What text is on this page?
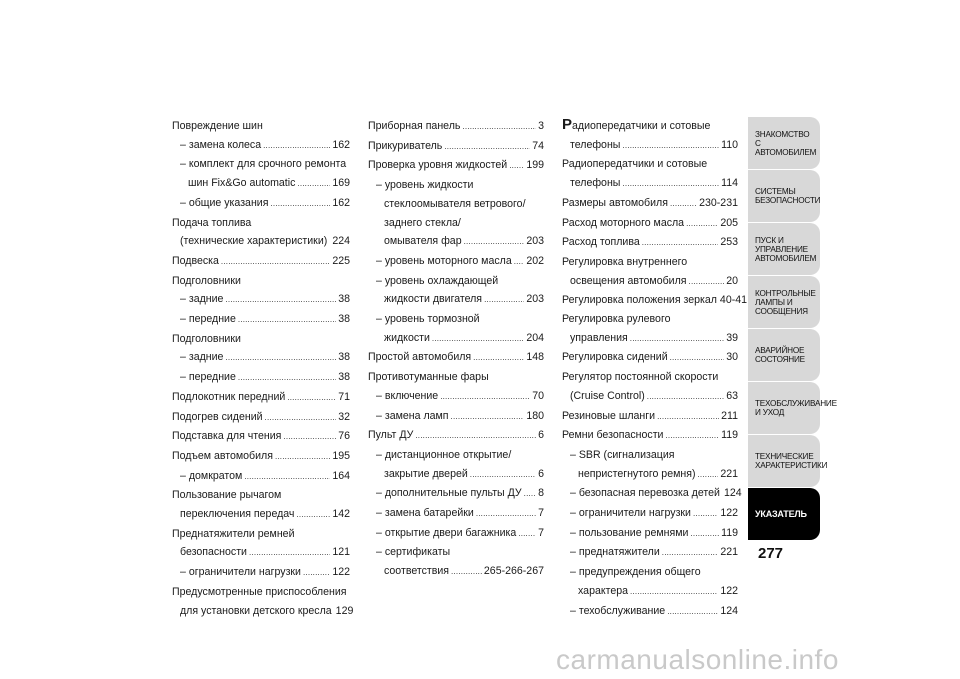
Повреждение шин
– замена колеса .....	162
– комплект для срочного ремонта
шин Fix&Go automatic .....	169
– общие указания .....	162
Подача топлива
(технические характеристики) ..... 224
Подвеска .....	225
Подголовники
– задние .....	38
– передние .....	38
Подголовники
– задние .....	38
– передние .....	38
Подлокотник передний .....	71
Подогрев сидений .....	32
Подставка для чтения .....	76
Подъем автомобиля .....	195
– домкратом .....	164
Пользование рычагом
переключения передач .....	142
Преднатяжители ремней
безопасности .....	121
– ограничители нагрузки .....	122
Предусмотренные приспособления
для установки детского кресла 129
Приборная панель .....	3
Прикуриватель .....	74
Проверка уровня жидкостей ..... 199
– уровень жидкости
стеклоомывателя ветрового/
заднего стекла/
омывателя фар .....	203
– уровень моторного масла ..... 202
– уровень охлаждающей
жидкости двигателя .....	203
– уровень тормозной
жидкости .....	204
Простой автомобиля .....	148
Противотуманные фары
– включение .....	70
– замена ламп .....	180
Пульт ДУ .....	6
– дистанционное открытие/
закрытие дверей .....	6
– дополнительные пульты ДУ ..... 8
– замена батарейки .....	7
– открытие двери багажника ..... 7
– сертификаты
соответствия .....	265-266-267
Радиопередатчики и сотовые
телефоны .....	110
Радиопередатчики и сотовые
телефоны .....	114
Размеры автомобиля .....	230-231
Расход моторного масла .....	205
Расход топлива .....	253
Регулировка внутреннего
освещения автомобиля .....	20
Регулировка положения зеркал 40-41
Регулировка рулевого
управления .....	39
Регулировка сидений .....	30
Регулятор постоянной скорости
(Cruise Control) .....	63
Резиновые шланги .....	211
Ремни безопасности .....	119
– SBR (сигнализация
непристегнутого ремня) ..... 221
– безопасная перевозка детей 124
– ограничители нагрузки .....	122
– пользование ремнями .....	119
– преднатяжители .....	221
– предупреждения общего
характера .....	122
– техобслуживание .....	124
ЗНАКОМСТВО С
АВТОМОБИЛЕМ
СИСТЕМЫ
БЕЗОПАСНОСТИ
ПУСК И УПРАВЛЕНИЕ
АВТОМОБИЛЕМ
КОНТРОЛЬНЫЕ
ЛАМПЫ И
СООБЩЕНИЯ
АВАРИЙНОЕ
СОСТОЯНИЕ
ТЕХОБСЛУЖИВАНИЕ
И УХОД
ТЕХНИЧЕСКИЕ
ХАРАКТЕРИСТИКИ
УКАЗАТЕЛЬ
277
carmanualsonline.info
